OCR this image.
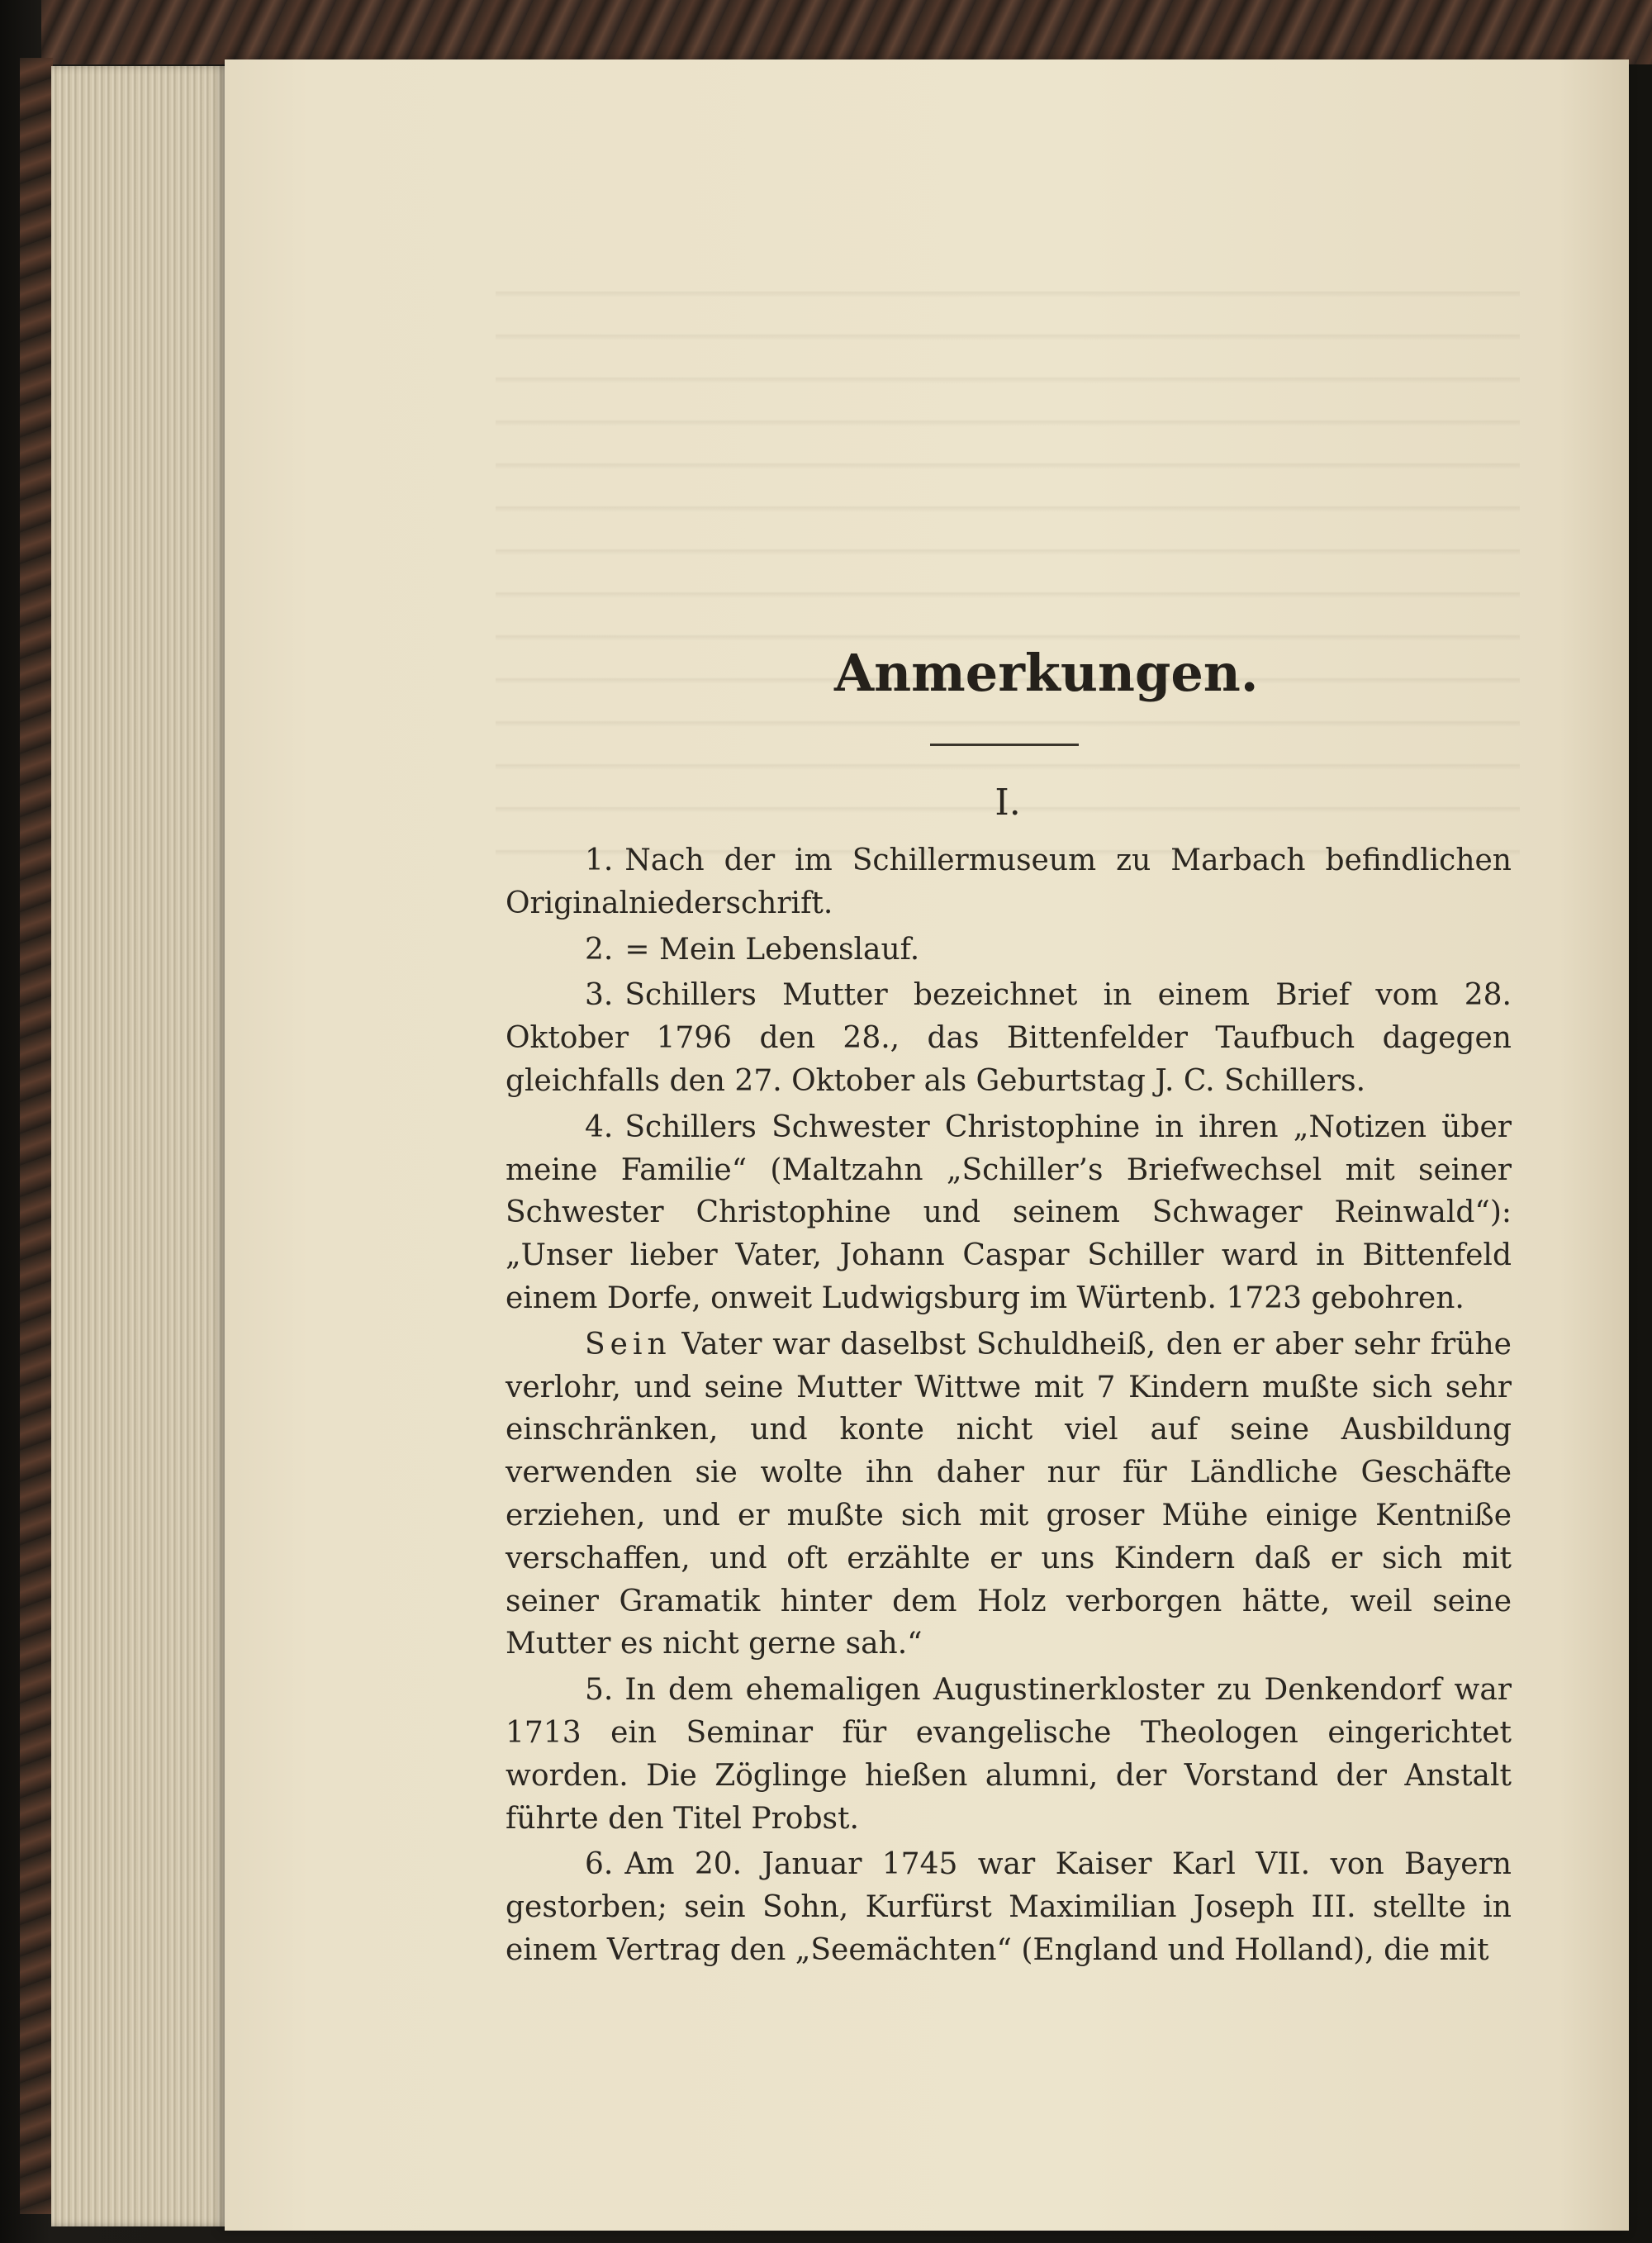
Anmerkungen.
I.

1. Nach der im Schillermuseum zu Marbach befindlichen Originalniederschrift.

2. = Mein Lebenslauf.

3. Schillers Mutter bezeichnet in einem Brief vom 28. Oktober 1796 den 28., das Bittenfelder Taufbuch dagegen gleichfalls den 27. Oktober als Geburtstag J. C. Schillers.

4. Schillers Schwester Christophine in ihren „Notizen über meine Familie“ (Maltzahn „Schiller’s Briefwechsel mit seiner Schwester Christophine und seinem Schwager Reinwald“): „Unser lieber Vater, Johann Caspar Schiller ward in Bittenfeld einem Dorfe, onweit Ludwigsburg im Würtenb. 1723 gebohren.

Sein Vater war daselbst Schuldheiß, den er aber sehr frühe verlohr, und seine Mutter Wittwe mit 7 Kindern mußte sich sehr einschränken, und konte nicht viel auf seine Ausbildung verwenden sie wolte ihn daher nur für Ländliche Geschäfte erziehen, und er mußte sich mit groser Mühe einige Kentniße verschaffen, und oft erzählte er uns Kindern daß er sich mit seiner Gramatik hinter dem Holz verborgen hätte, weil seine Mutter es nicht gerne sah.“

5. In dem ehemaligen Augustinerkloster zu Denkendorf war 1713 ein Seminar für evangelische Theologen eingerichtet worden. Die Zöglinge hießen alumni, der Vorstand der Anstalt führte den Titel Probst.

6. Am 20. Januar 1745 war Kaiser Karl VII. von Bayern gestorben; sein Sohn, Kurfürst Maximilian Joseph III. stellte in einem Vertrag den „Seemächten“ (England und Holland), die mit
